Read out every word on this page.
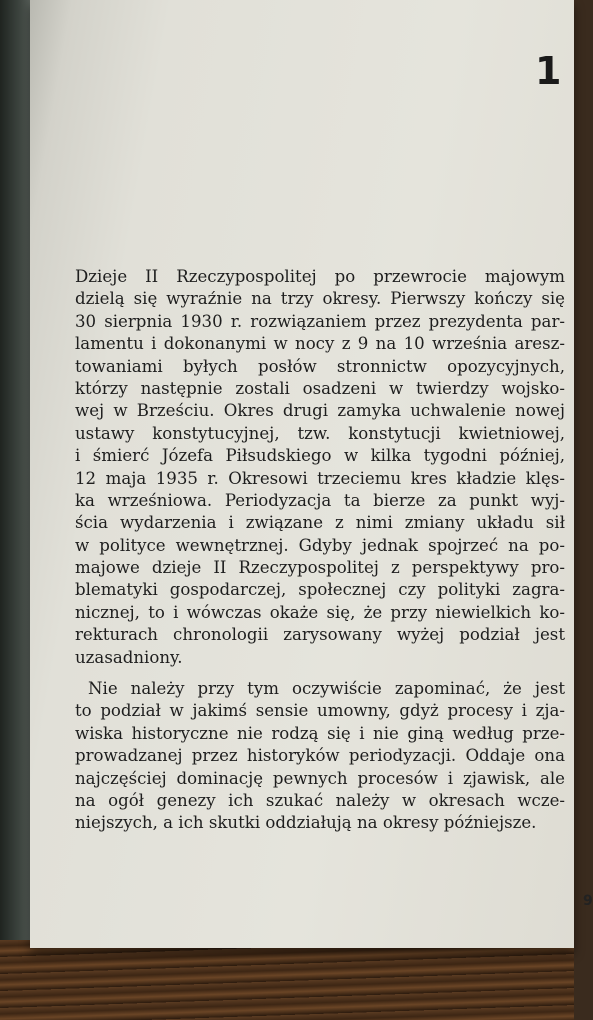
1
9
Dzieje II Rzeczypospolitej po przewrocie majowym
dzielą się wyraźnie na trzy okresy. Pierwszy kończy się
30 sierpnia 1930 r. rozwiązaniem przez prezydenta par-
lamentu i dokonanymi w nocy z 9 na 10 września aresz-
towaniami byłych posłów stronnictw opozycyjnych,
którzy następnie zostali osadzeni w twierdzy wojsko-
wej w Brześciu. Okres drugi zamyka uchwalenie nowej
ustawy konstytucyjnej, tzw. konstytucji kwietniowej,
i śmierć Józefa Piłsudskiego w kilka tygodni później,
12 maja 1935 r. Okresowi trzeciemu kres kładzie klęs-
ka wrześniowa. Periodyzacja ta bierze za punkt wyj-
ścia wydarzenia i związane z nimi zmiany układu sił
w polityce wewnętrznej. Gdyby jednak spojrzeć na po-
majowe dzieje II Rzeczypospolitej z perspektywy pro-
blematyki gospodarczej, społecznej czy polityki zagra-
nicznej, to i wówczas okaże się, że przy niewielkich ko-
rekturach chronologii zarysowany wyżej podział jest
uzasadniony.
Nie należy przy tym oczywiście zapominać, że jest
to podział w jakimś sensie umowny, gdyż procesy i zja-
wiska historyczne nie rodzą się i nie giną według prze-
prowadzanej przez historyków periodyzacji. Oddaje ona
najczęściej dominację pewnych procesów i zjawisk, ale
na ogół genezy ich szukać należy w okresach wcze-
niejszych, a ich skutki oddziałują na okresy późniejsze.
